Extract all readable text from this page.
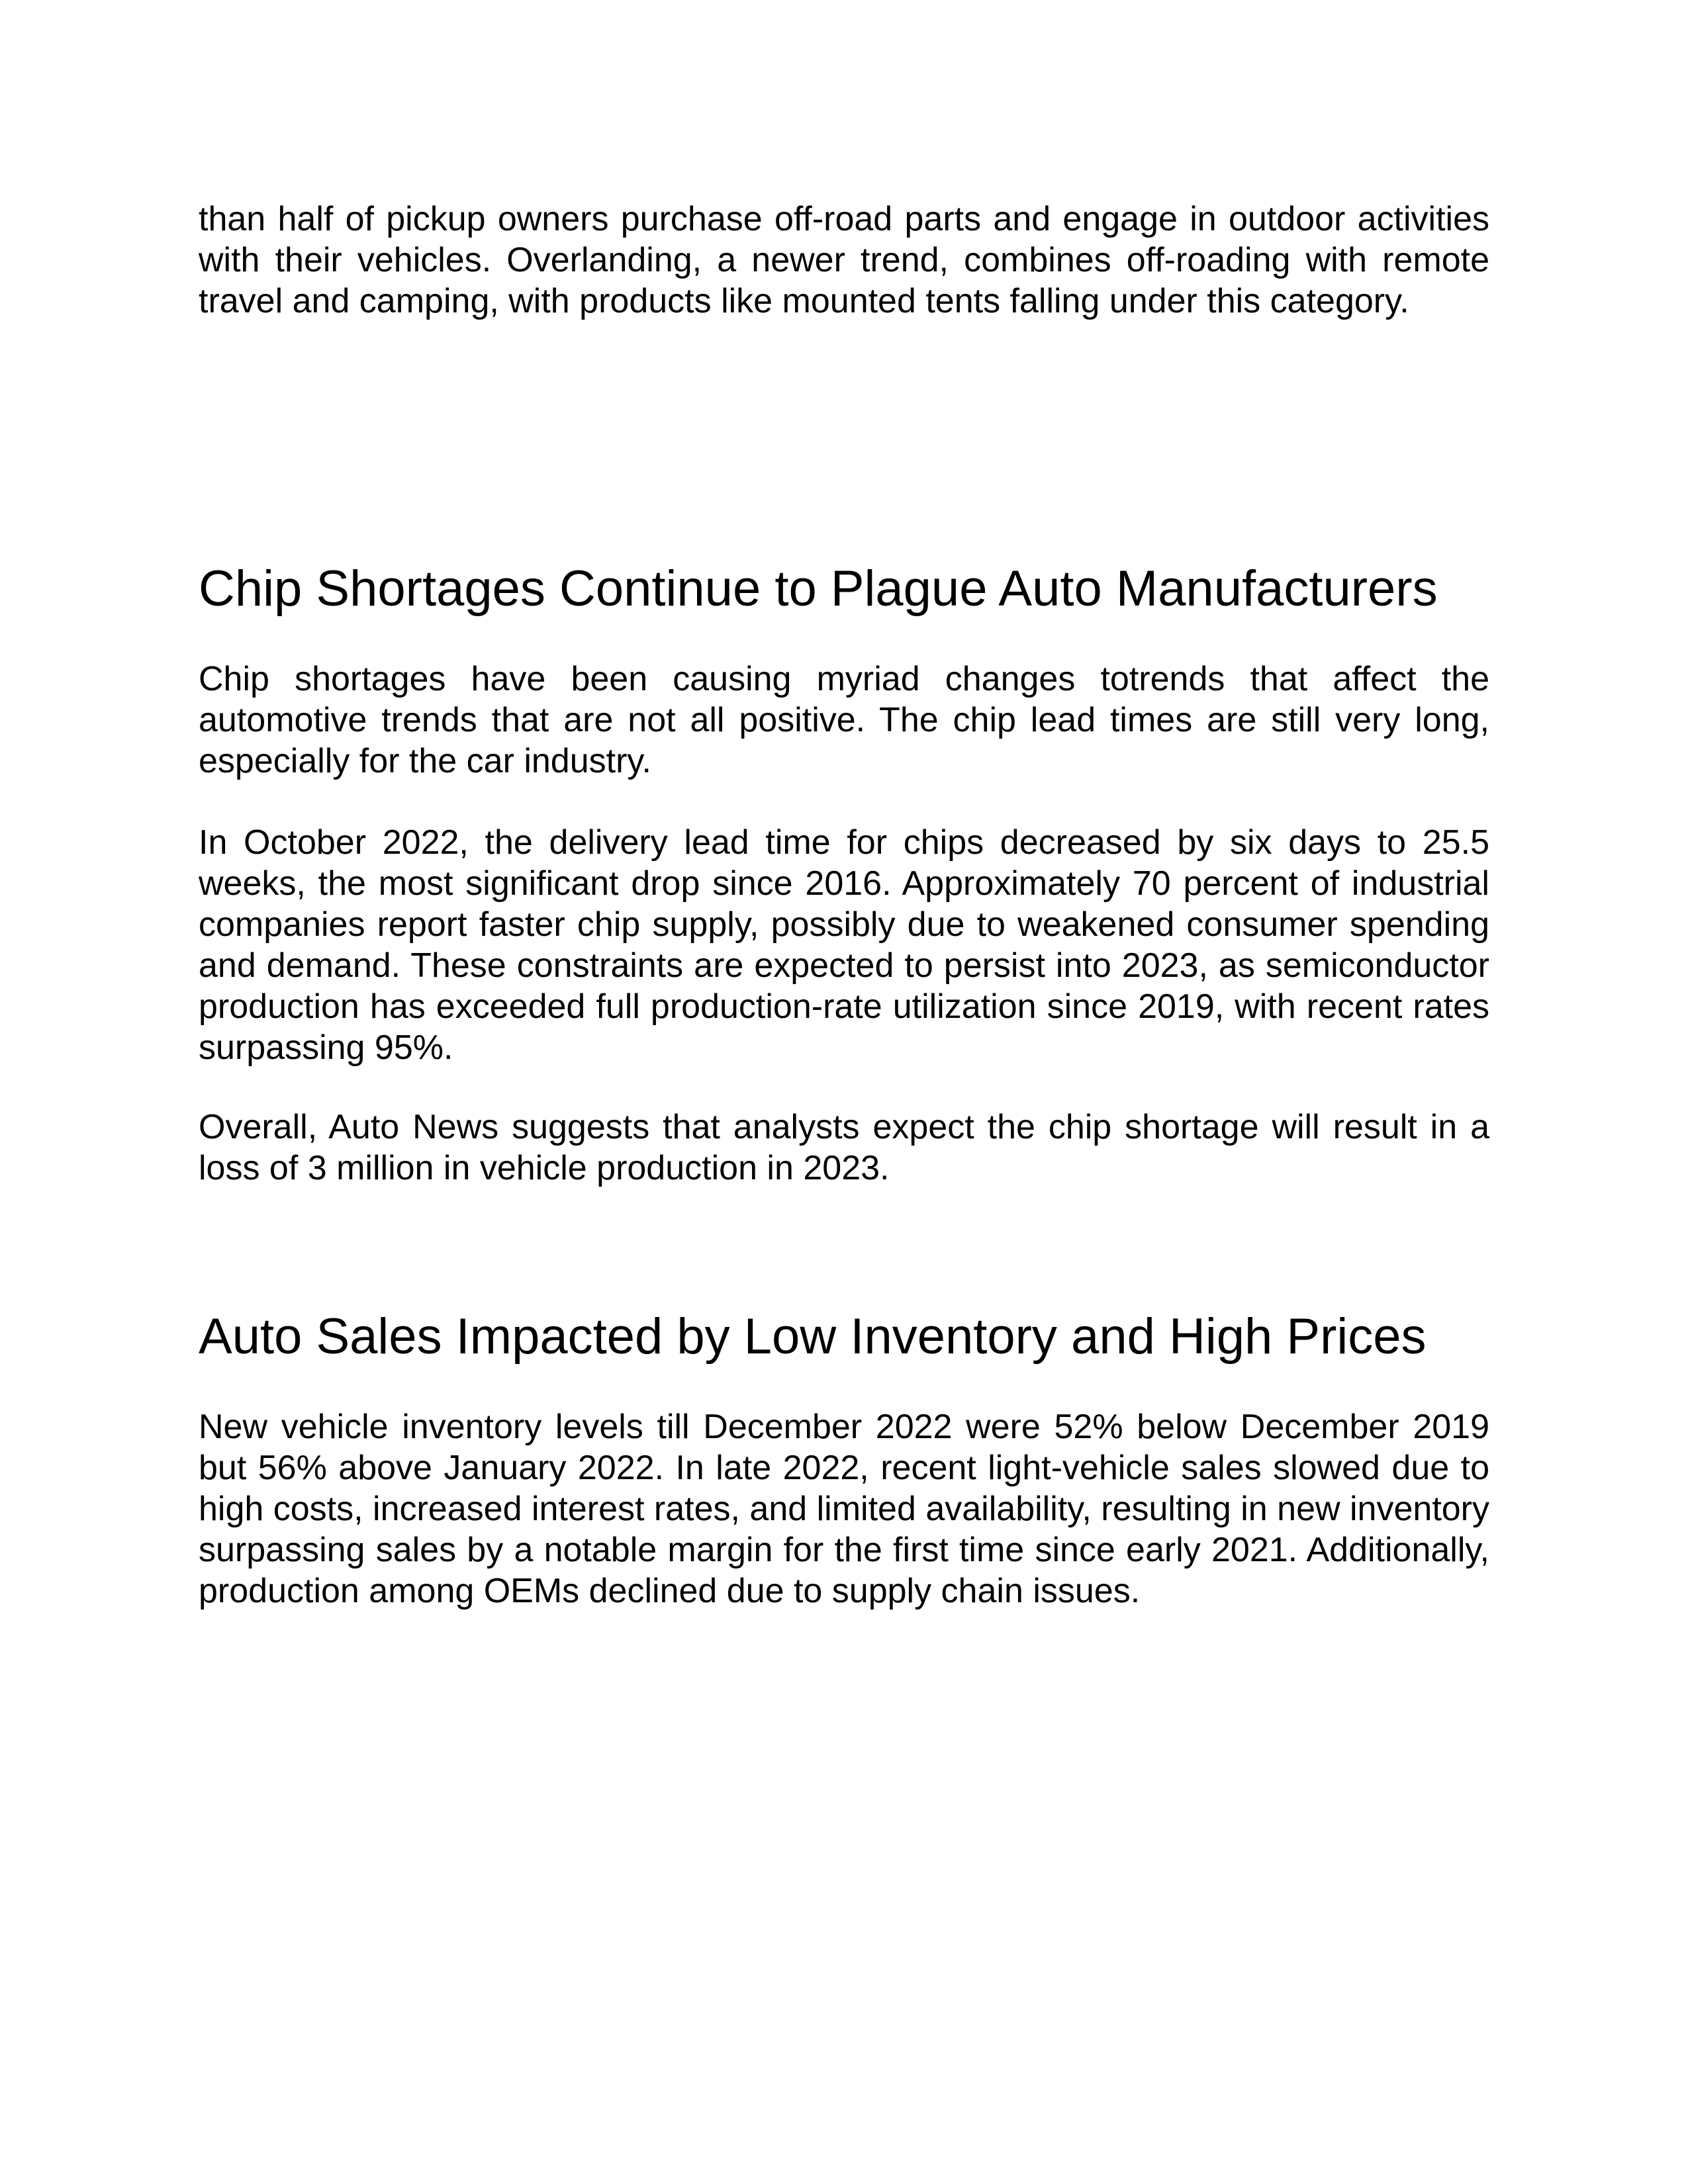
than half of pickup owners purchase off-road parts and engage in outdoor activities with their vehicles. Overlanding, a newer trend, combines off-roading with remote travel and camping, with products like mounted tents falling under this category.

Chip Shortages Continue to Plague Auto Manufacturers

Chip shortages have been causing myriad changes totrends that affect the automotive trends that are not all positive. The chip lead times are still very long, especially for the car industry.

In October 2022, the delivery lead time for chips decreased by six days to 25.5 weeks, the most significant drop since 2016. Approximately 70 percent of industrial companies report faster chip supply, possibly due to weakened consumer spending and demand. These constraints are expected to persist into 2023, as semiconductor production has exceeded full production-rate utilization since 2019, with recent rates surpassing 95%.

Overall, Auto News suggests that analysts expect the chip shortage will result in a loss of 3 million in vehicle production in 2023.

Auto Sales Impacted by Low Inventory and High Prices

New vehicle inventory levels till December 2022 were 52% below December 2019 but 56% above January 2022. In late 2022, recent light-vehicle sales slowed due to high costs, increased interest rates, and limited availability, resulting in new inventory surpassing sales by a notable margin for the first time since early 2021. Additionally, production among OEMs declined due to supply chain issues.
